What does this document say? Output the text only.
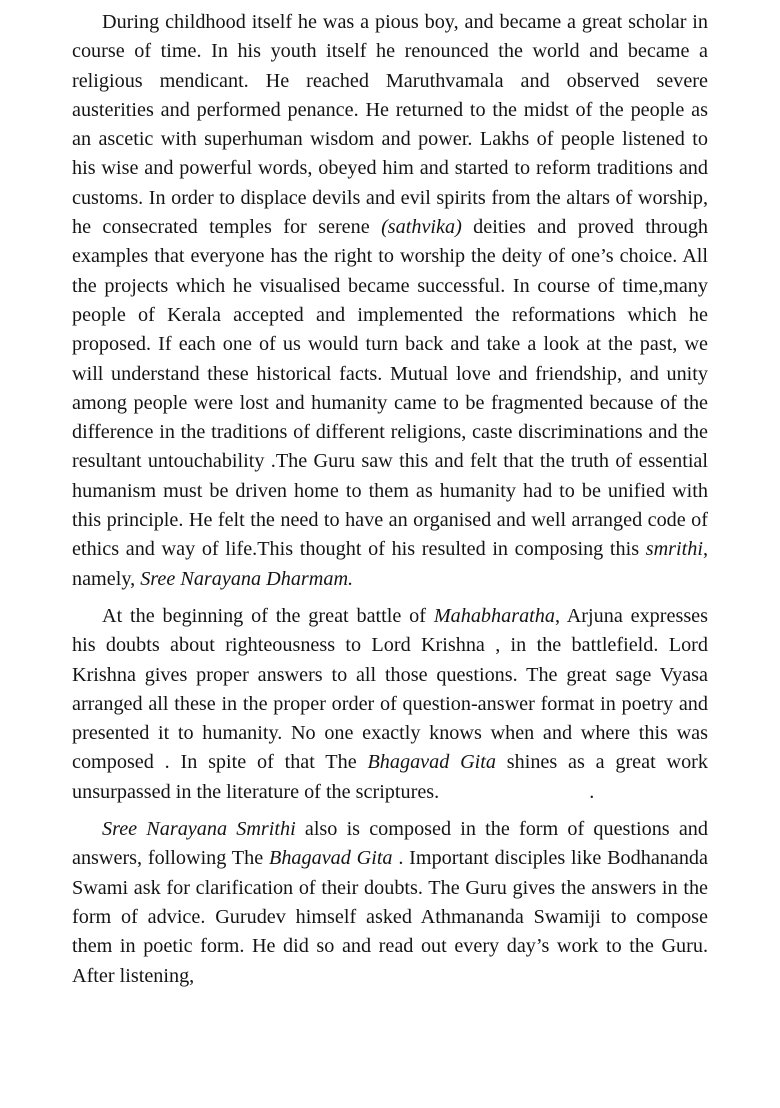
During childhood itself he was a pious boy, and became a great scholar in course of time. In his youth itself he renounced the world and became a religious mendicant. He reached Maruthvamala and observed severe austerities and performed penance. He returned to the midst of the people as an ascetic with superhuman wisdom and power. Lakhs of people listened to his wise and powerful words, obeyed him and started to reform traditions and customs. In order to displace devils and evil spirits from the altars of worship, he consecrated temples for serene (sathvika) deities and proved through examples that everyone has the right to worship the deity of one’s choice. All the projects which he visualised became successful. In course of time,many people of Kerala accepted and implemented the reformations which he proposed. If each one of us would turn back and take a look at the past, we will understand these historical facts. Mutual love and friendship, and unity among people were lost and humanity came to be fragmented because of the difference in the traditions of different religions, caste discriminations and the resultant untouchability .The Guru saw this and felt that the truth of essential humanism must be driven home to them as humanity had to be unified with this principle. He felt the need to have an organised and well arranged code of ethics and way of life.This thought of his resulted in composing this smrithi, namely, Sree Narayana Dharmam.

At the beginning of the great battle of Mahabharatha, Arjuna expresses his doubts about righteousness to Lord Krishna , in the battlefield. Lord Krishna gives proper answers to all those questions. The great sage Vyasa arranged all these in the proper order of question-answer format in poetry and presented it to humanity. No one exactly knows when and where this was composed . In spite of that The Bhagavad Gita shines as a great work unsurpassed in the literature of the scriptures.	.

Sree Narayana Smrithi also is composed in the form of questions and answers, following The Bhagavad Gita . Important disciples like Bodhananda Swami ask for clarification of their doubts. The Guru gives the answers in the form of advice. Gurudev himself asked Athmananda Swamiji to compose them in poetic form. He did so and read out every day’s work to the Guru. After listening,
